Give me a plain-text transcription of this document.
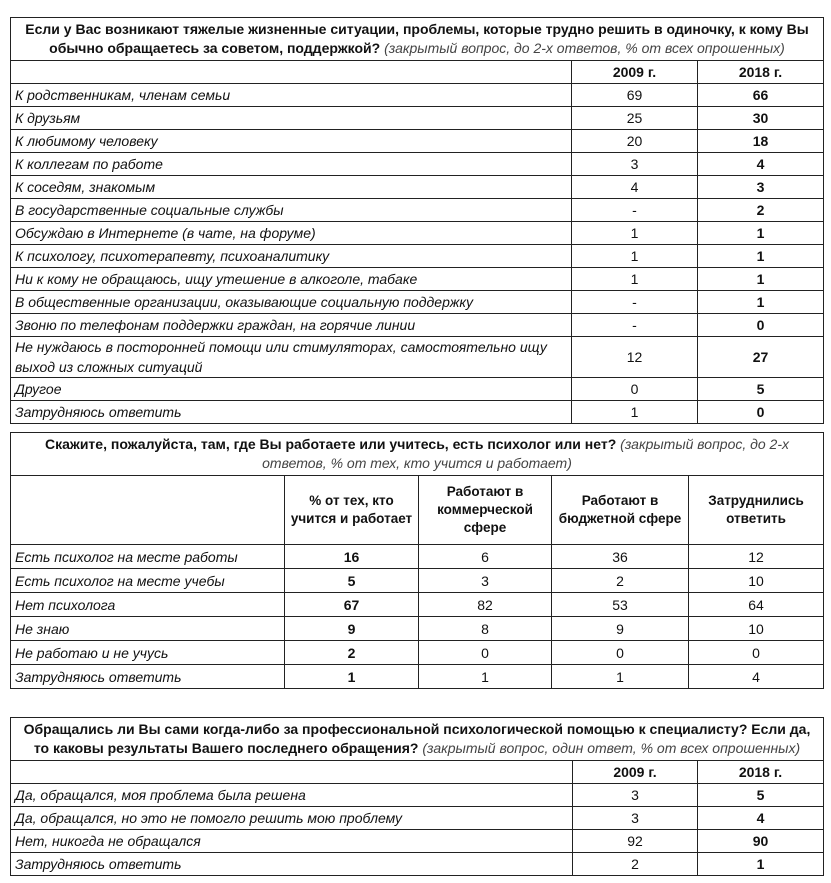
Если у Вас возникают тяжелые жизненные ситуации, проблемы, которые трудно решить в одиночку, к кому Вы обычно обращаетесь за советом, поддержкой? (закрытый вопрос, до 2-х ответов, % от всех опрошенных)		
	2009 г.	2018 г.
К родственникам, членам семьи	69	66
К друзьям	25	30
К любимому человеку	20	18
К коллегам по работе	3	4
К соседям, знакомым	4	3
В государственные социальные службы	-	2
Обсуждаю в Интернете (в чате, на форуме)	1	1
К психологу, психотерапевту, психоаналитику	1	1
Ни к кому не обращаюсь, ищу утешение в алкоголе, табаке	1	1
В общественные организации, оказывающие социальную поддержку	-	1
Звоню по телефонам поддержки граждан, на горячие линии	-	0
Не нуждаюсь в посторонней помощи или стимуляторах, самостоятельно ищу выход из сложных ситуаций	12	27
Другое	0	5
Затрудняюсь ответить	1	0
Скажите, пожалуйста, там, где Вы работаете или учитесь, есть психолог или нет? (закрытый вопрос, до 2-х ответов, % от тех, кто учится и работает)				
	% от тех, кто учится и работает	Работают в коммерческой сфере	Работают в бюджетной сфере	Затруднились ответить
Есть психолог на месте работы	16	6	36	12
Есть психолог на месте учебы	5	3	2	10
Нет психолога	67	82	53	64
Не знаю	9	8	9	10
Не работаю и не учусь	2	0	0	0
Затрудняюсь ответить	1	1	1	4
Обращались ли Вы сами когда-либо за профессиональной психологической помощью к специалисту? Если да, то каковы результаты Вашего последнего обращения? (закрытый вопрос, один ответ, % от всех опрошенных)		
	2009 г.	2018 г.
Да, обращался, моя проблема была решена	3	5
Да, обращался, но это не помогло решить мою проблему	3	4
Нет, никогда не обращался	92	90
Затрудняюсь ответить	2	1
